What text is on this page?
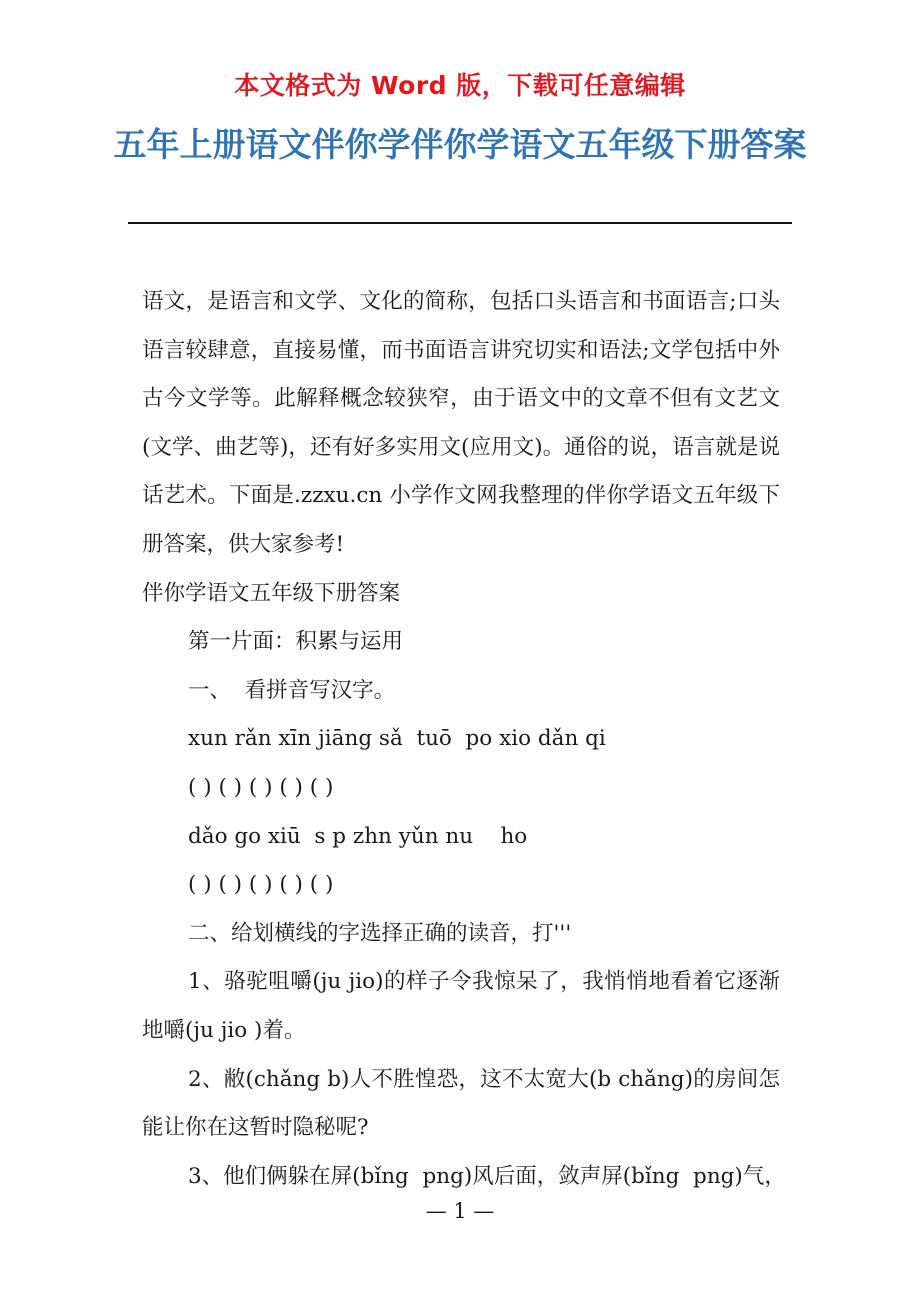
本文格式为 Word 版，下载可任意编辑
五年上册语文伴你学伴你学语文五年级下册答案

语文，是语言和文学、文化的简称，包括口头语言和书面语言;口头语言较肆意，直接易懂，而书面语言讲究切实和语法;文学包括中外古今文学等。此解释概念较狭窄，由于语文中的文章不但有文艺文(文学、曲艺等)，还有好多实用文(应用文)。通俗的说，语言就是说话艺术。下面是.zzxu.cn 小学作文网我整理的伴你学语文五年级下册答案，供大家参考!

伴你学语文五年级下册答案

第一片面：积累与运用

一、  看拼音写汉字。

xun rǎn xīn jiāng sǎ  tuō  po xio dǎn qi

( ) ( ) ( ) ( ) ( )

dǎo go xiū  s p zhn yǔn nu    ho

( ) ( ) ( ) ( ) ( )

二、给划横线的字选择正确的读音，打'''

1、骆驼咀嚼(ju jio)的样子令我惊呆了，我悄悄地看着它逐渐地嚼(ju jio )着。

2、敝(chǎng b)人不胜惶恐，这不太宽大(b chǎng)的房间怎能让你在这暂时隐秘呢?

3、他们俩躲在屏(bǐng  png)风后面，敛声屏(bǐng  png)气，

— 1 —
